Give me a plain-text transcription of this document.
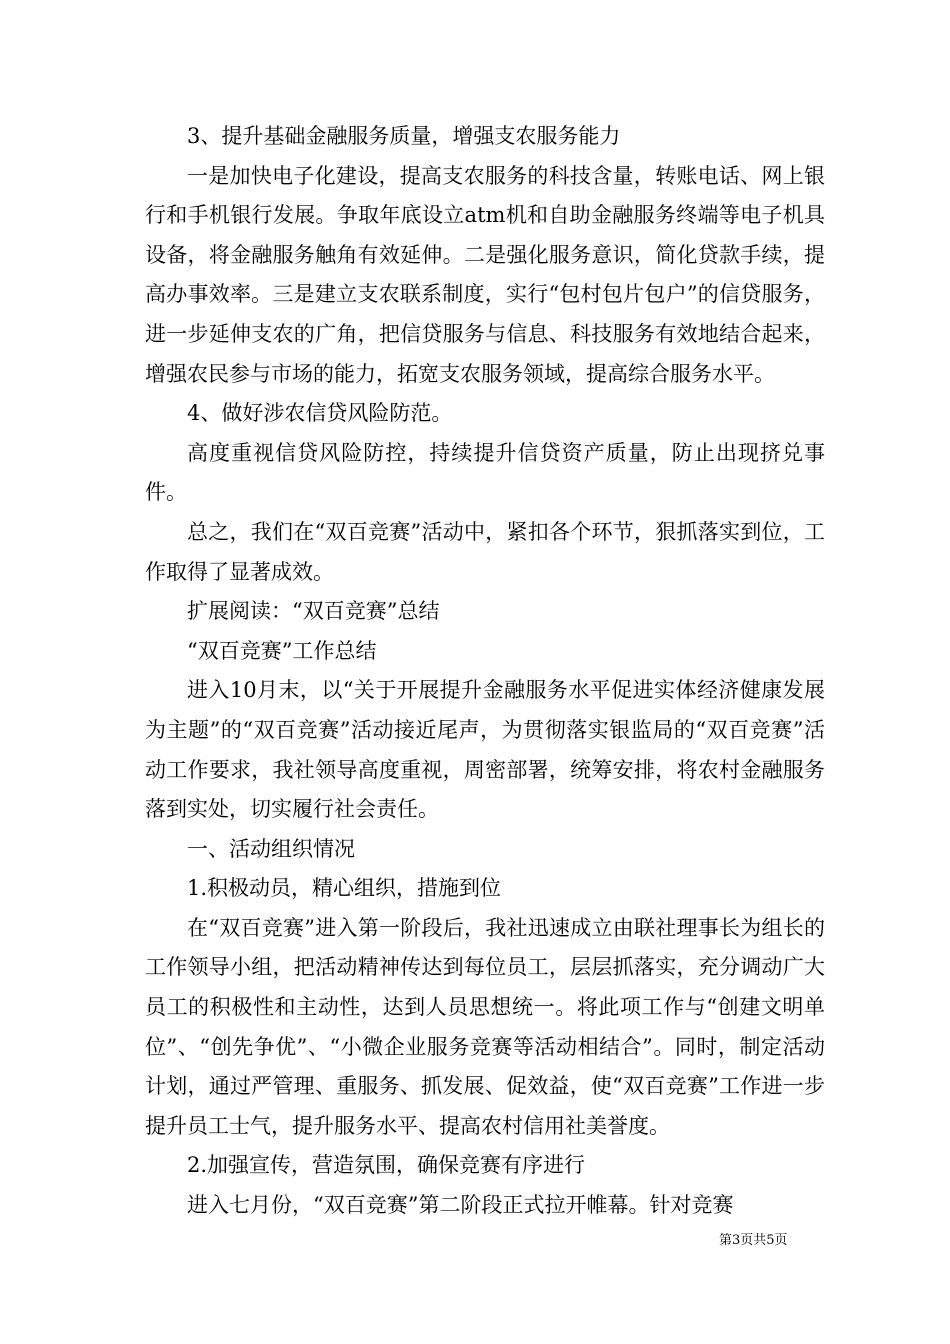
3、提升基础金融服务质量，增强支农服务能力

一是加快电子化建设，提高支农服务的科技含量，转账电话、网上银行和手机银行发展。争取年底设立atm机和自助金融服务终端等电子机具设备，将金融服务触角有效延伸。二是强化服务意识，简化贷款手续，提高办事效率。三是建立支农联系制度，实行“包村包片包户”的信贷服务，进一步延伸支农的广角，把信贷服务与信息、科技服务有效地结合起来，增强农民参与市场的能力，拓宽支农服务领域，提高综合服务水平。

4、做好涉农信贷风险防范。

高度重视信贷风险防控，持续提升信贷资产质量，防止出现挤兑事件。

总之，我们在“双百竞赛”活动中，紧扣各个环节，狠抓落实到位，工作取得了显著成效。

扩展阅读：“双百竞赛”总结

“双百竞赛”工作总结

进入10月末，以“关于开展提升金融服务水平促进实体经济健康发展为主题”的“双百竞赛”活动接近尾声，为贯彻落实银监局的“双百竞赛”活动工作要求，我社领导高度重视，周密部署，统筹安排，将农村金融服务落到实处，切实履行社会责任。

一、活动组织情况

1.积极动员，精心组织，措施到位

在“双百竞赛”进入第一阶段后，我社迅速成立由联社理事长为组长的工作领导小组，把活动精神传达到每位员工，层层抓落实，充分调动广大员工的积极性和主动性，达到人员思想统一。将此项工作与“创建文明单位”、“创先争优”、“小微企业服务竞赛等活动相结合”。同时，制定活动计划，通过严管理、重服务、抓发展、促效益，使“双百竞赛”工作进一步提升员工士气，提升服务水平、提高农村信用社美誉度。

2.加强宣传，营造氛围，确保竞赛有序进行

进入七月份，“双百竞赛”第二阶段正式拉开帷幕。针对竞赛

第3页共5页
